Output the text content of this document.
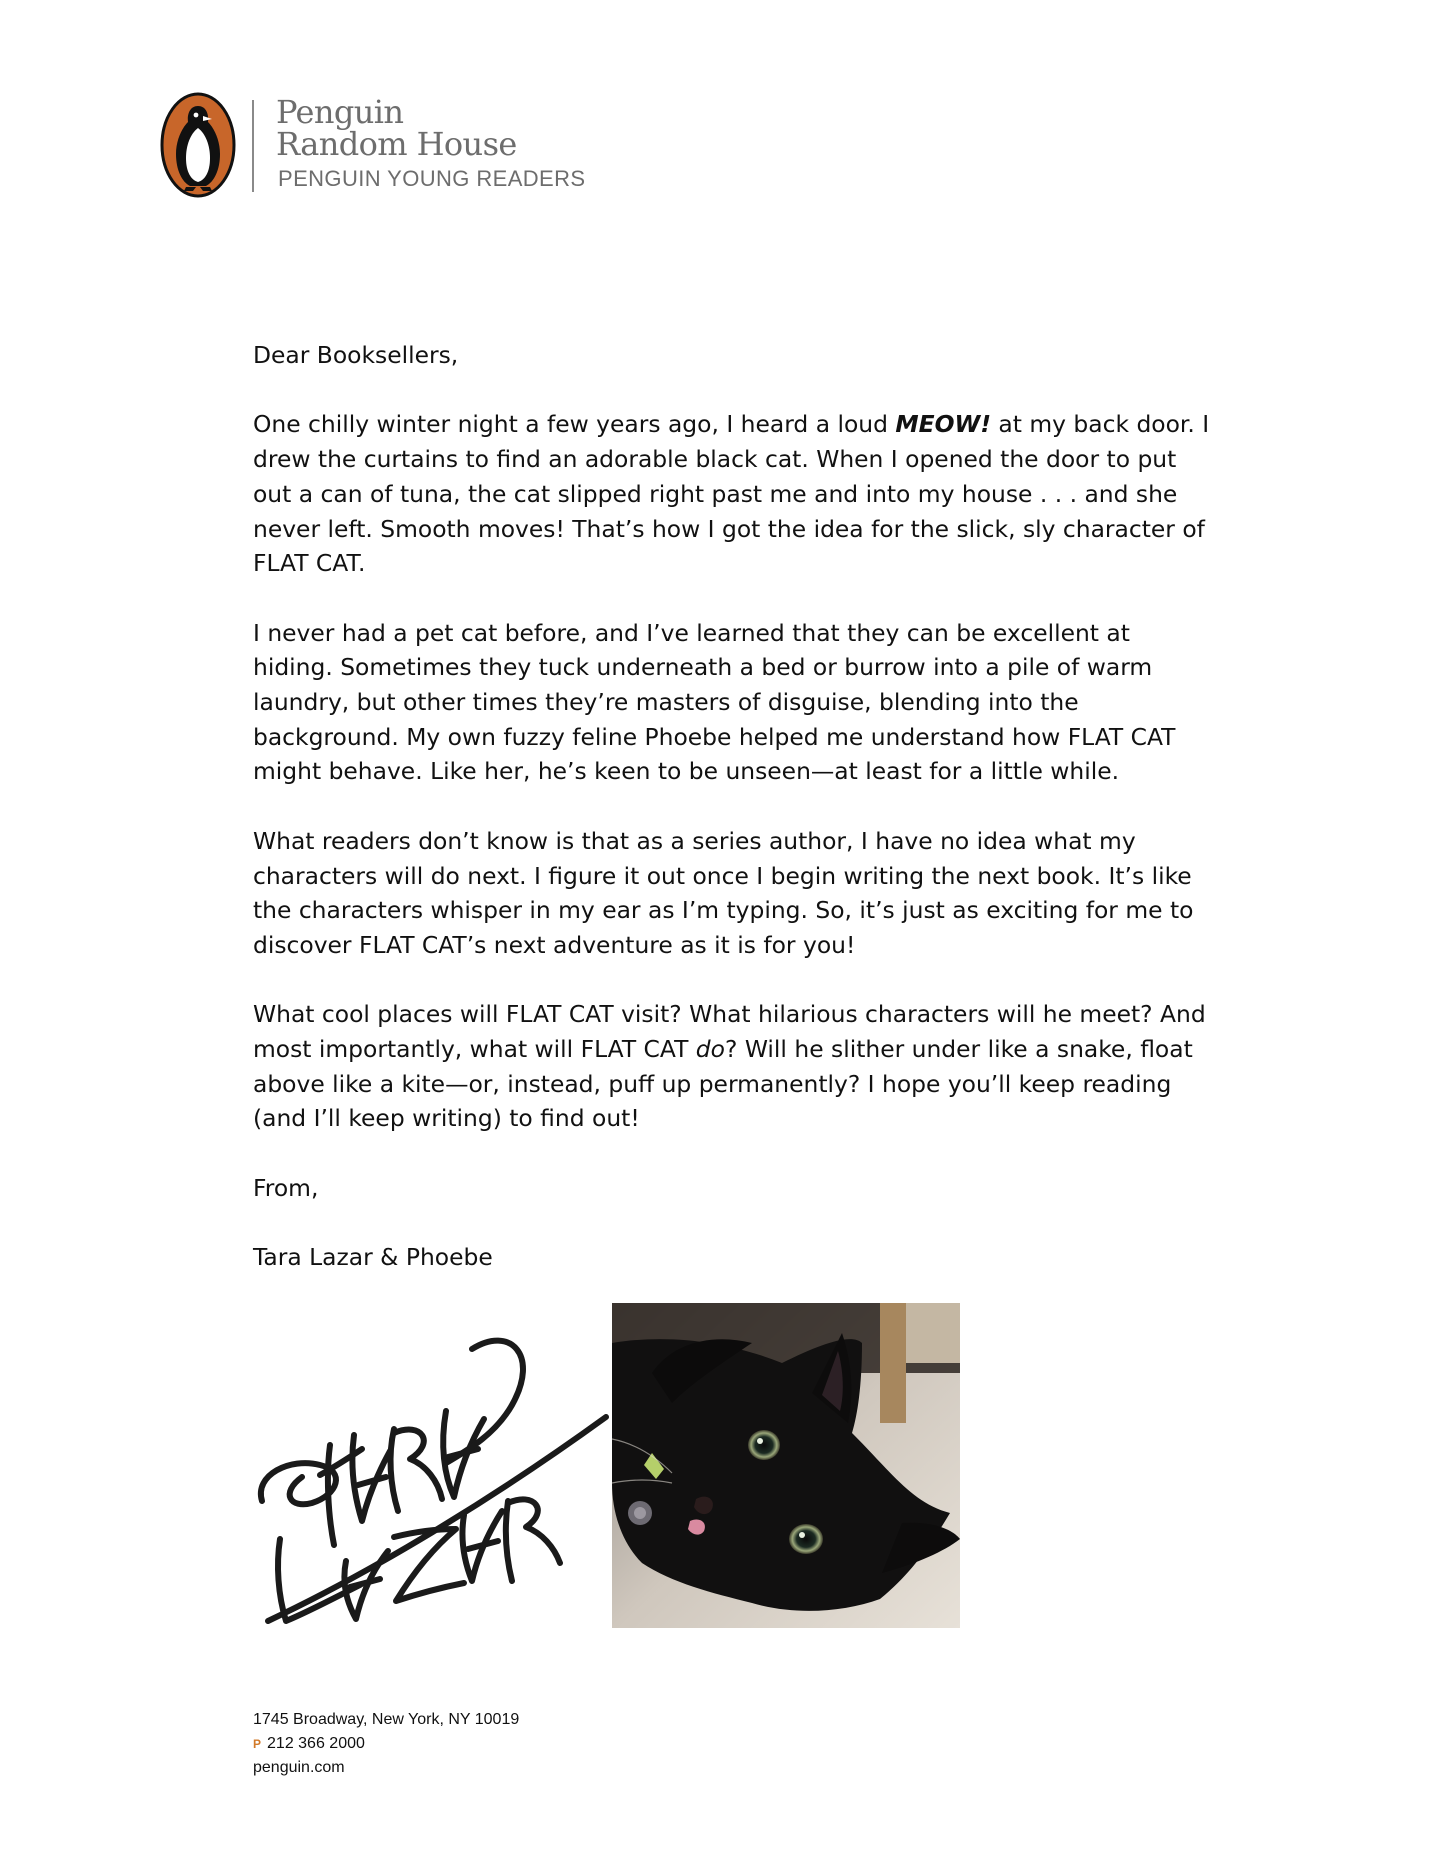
Penguin
Random House
PENGUIN YOUNG READERS

Dear Booksellers,

One chilly winter night a few years ago, I heard a loud MEOW! at my back door. I drew the curtains to find an adorable black cat. When I opened the door to put out a can of tuna, the cat slipped right past me and into my house . . . and she never left. Smooth moves! That’s how I got the idea for the slick, sly character of FLAT CAT.

I never had a pet cat before, and I’ve learned that they can be excellent at hiding. Sometimes they tuck underneath a bed or burrow into a pile of warm laundry, but other times they’re masters of disguise, blending into the background. My own fuzzy feline Phoebe helped me understand how FLAT CAT might behave. Like her, he’s keen to be unseen—at least for a little while.

What readers don’t know is that as a series author, I have no idea what my characters will do next. I figure it out once I begin writing the next book. It’s like the characters whisper in my ear as I’m typing. So, it’s just as exciting for me to discover FLAT CAT’s next adventure as it is for you!

What cool places will FLAT CAT visit? What hilarious characters will he meet? And most importantly, what will FLAT CAT do? Will he slither under like a snake, float above like a kite—or, instead, puff up permanently? I hope you’ll keep reading (and I’ll keep writing) to find out!

From,

Tara Lazar & Phoebe

1745 Broadway, New York, NY 10019
P 212 366 2000
penguin.com
